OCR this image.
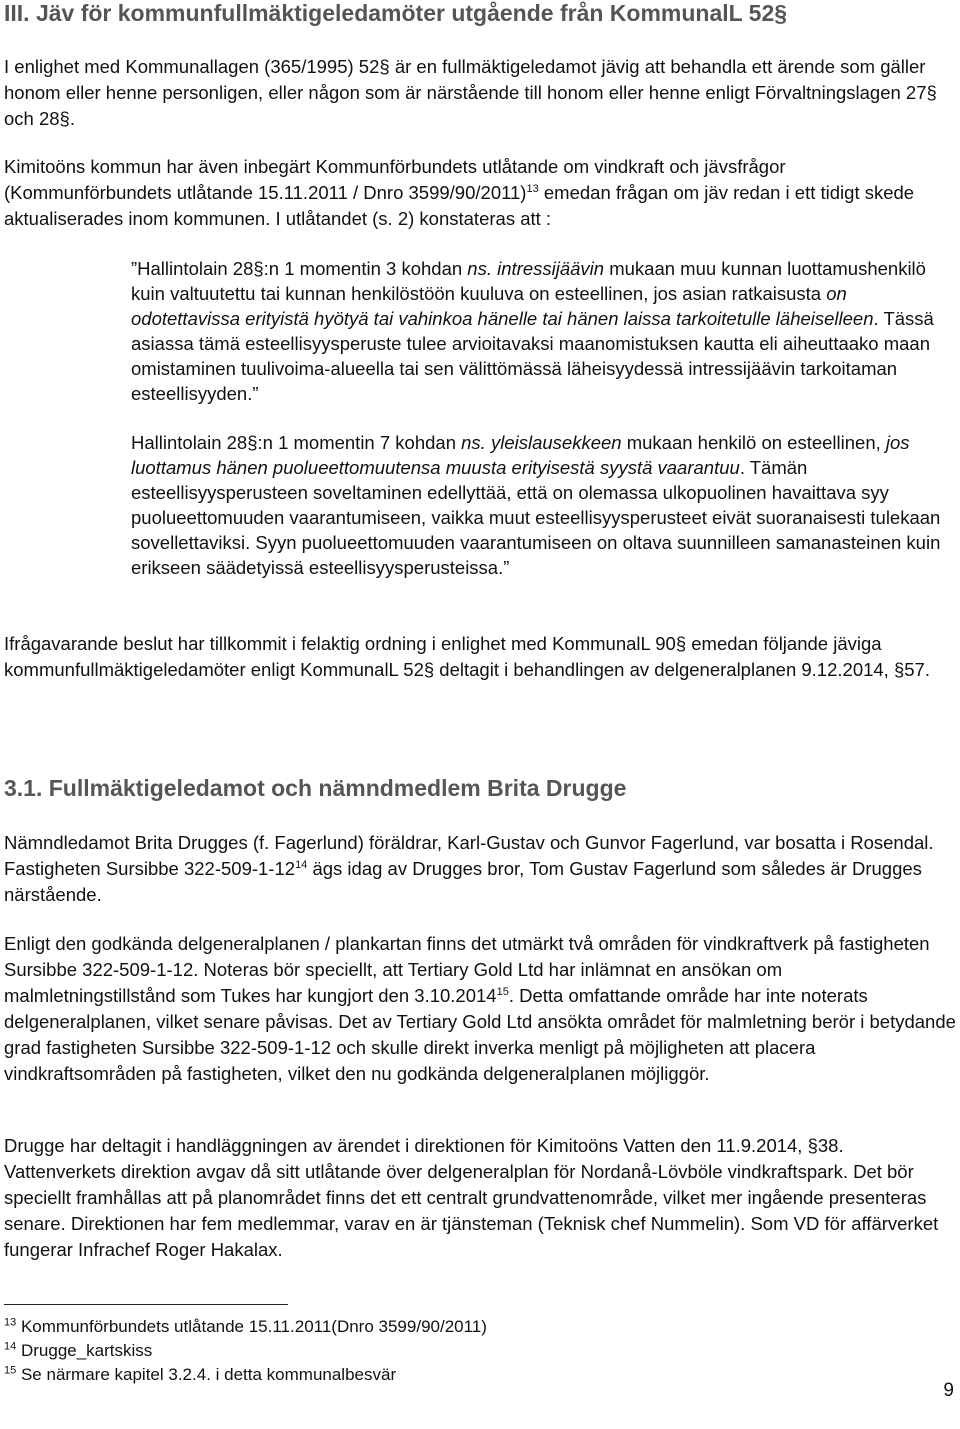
III. Jäv för kommunfullmäktigeledamöter utgående från KommunalL 52§

I enlighet med Kommunallagen (365/1995) 52§ är en fullmäktigeledamot jävig att behandla ett ärende som gäller honom eller henne personligen, eller någon som är närstående till honom eller henne enligt Förvaltningslagen 27§ och 28§.

Kimitoöns kommun har även inbegärt Kommunförbundets utlåtande om vindkraft och jävsfrågor (Kommunförbundets utlåtande 15.11.2011 / Dnro 3599/90/2011)$^{13}$ emedan frågan om jäv redan i ett tidigt skede aktualiserades inom kommunen. I utlåtandet (s. 2) konstateras att :

”Hallintolain 28§:n 1 momentin 3 kohdan ns. intressijäävin mukaan muu kunnan luottamushenkilö kuin valtuutettu tai kunnan henkilöstöön kuuluva on esteellinen, jos asian ratkaisusta on odotettavissa erityistä hyötyä tai vahinkoa hänelle tai hänen laissa tarkoitetulle läheiselleen. Tässä asiassa tämä esteellisyysperuste tulee arvioitavaksi maanomistuksen kautta eli aiheuttaako maan omistaminen tuulivoima-alueella tai sen välittömässä läheisyydessä intressijäävin tarkoitaman esteellisyyden.”

Hallintolain 28§:n 1 momentin 7 kohdan ns. yleislausekkeen mukaan henkilö on esteellinen, jos luottamus hänen puolueettomuutensa muusta erityisestä syystä vaarantuu. Tämän esteellisyysperusteen soveltaminen edellyttää, että on olemassa ulkopuolinen havaittava syy puolueettomuuden vaarantumiseen, vaikka muut esteellisyysperusteet eivät suoranaisesti tulekaan sovellettaviksi. Syyn puolueettomuuden vaarantumiseen on oltava suunnilleen samanasteinen kuin erikseen säädetyissä esteellisyysperusteissa.”

Ifrågavarande beslut har tillkommit i felaktig ordning i enlighet med KommunalL 90§ emedan följande jäviga kommunfullmäktigeledamöter enligt KommunalL 52§ deltagit i behandlingen av delgeneralplanen 9.12.2014, §57.

3.1. Fullmäktigeledamot och nämndmedlem Brita Drugge

Nämndledamot Brita Drugges (f. Fagerlund) föräldrar, Karl-Gustav och Gunvor Fagerlund, var bosatta i Rosendal. Fastigheten Sursibbe $322-509-1-12^{14}$ ägs idag av Drugges bror, Tom Gustav Fagerlund som således är Drugges närstående.

Enligt den godkända delgeneralplanen / plankartan finns det utmärkt två områden för vindkraftverk på fastigheten Sursibbe 322-509-1-12. Noteras bör speciellt, att Tertiary Gold Ltd har inlämnat en ansökan om malmletningstillstånd som Tukes har kungjort den 3.10.2014$^{15}$. Detta omfattande område har inte noterats delgeneralplanen, vilket senare påvisas. Det av Tertiary Gold Ltd ansökta området för malmletning berör i betydande grad fastigheten Sursibbe 322-509-1-12 och skulle direkt inverka menligt på möjligheten att placera vindkraftsområden på fastigheten, vilket den nu godkända delgeneralplanen möjliggör.

Drugge har deltagit i handläggningen av ärendet i direktionen för Kimitoöns Vatten den 11.9.2014, §38. Vattenverkets direktion avgav då sitt utlåtande över delgeneralplan för Nordanå-Lövböle vindkraftspark. Det bör speciellt framhållas att på planområdet finns det ett centralt grundvattenområde, vilket mer ingående presenteras senare. Direktionen har fem medlemmar, varav en är tjänsteman (Teknisk chef Nummelin). Som VD för affärverket fungerar Infrachef Roger Hakalax.

$^{13}$ Kommunförbundets utlåtande 15.11.2011(Dnro 3599/90/2011)

$^{14}$ Drugge_kartskiss

$^{15}$ Se närmare kapitel 3.2.4. i detta kommunalbesvär

9
